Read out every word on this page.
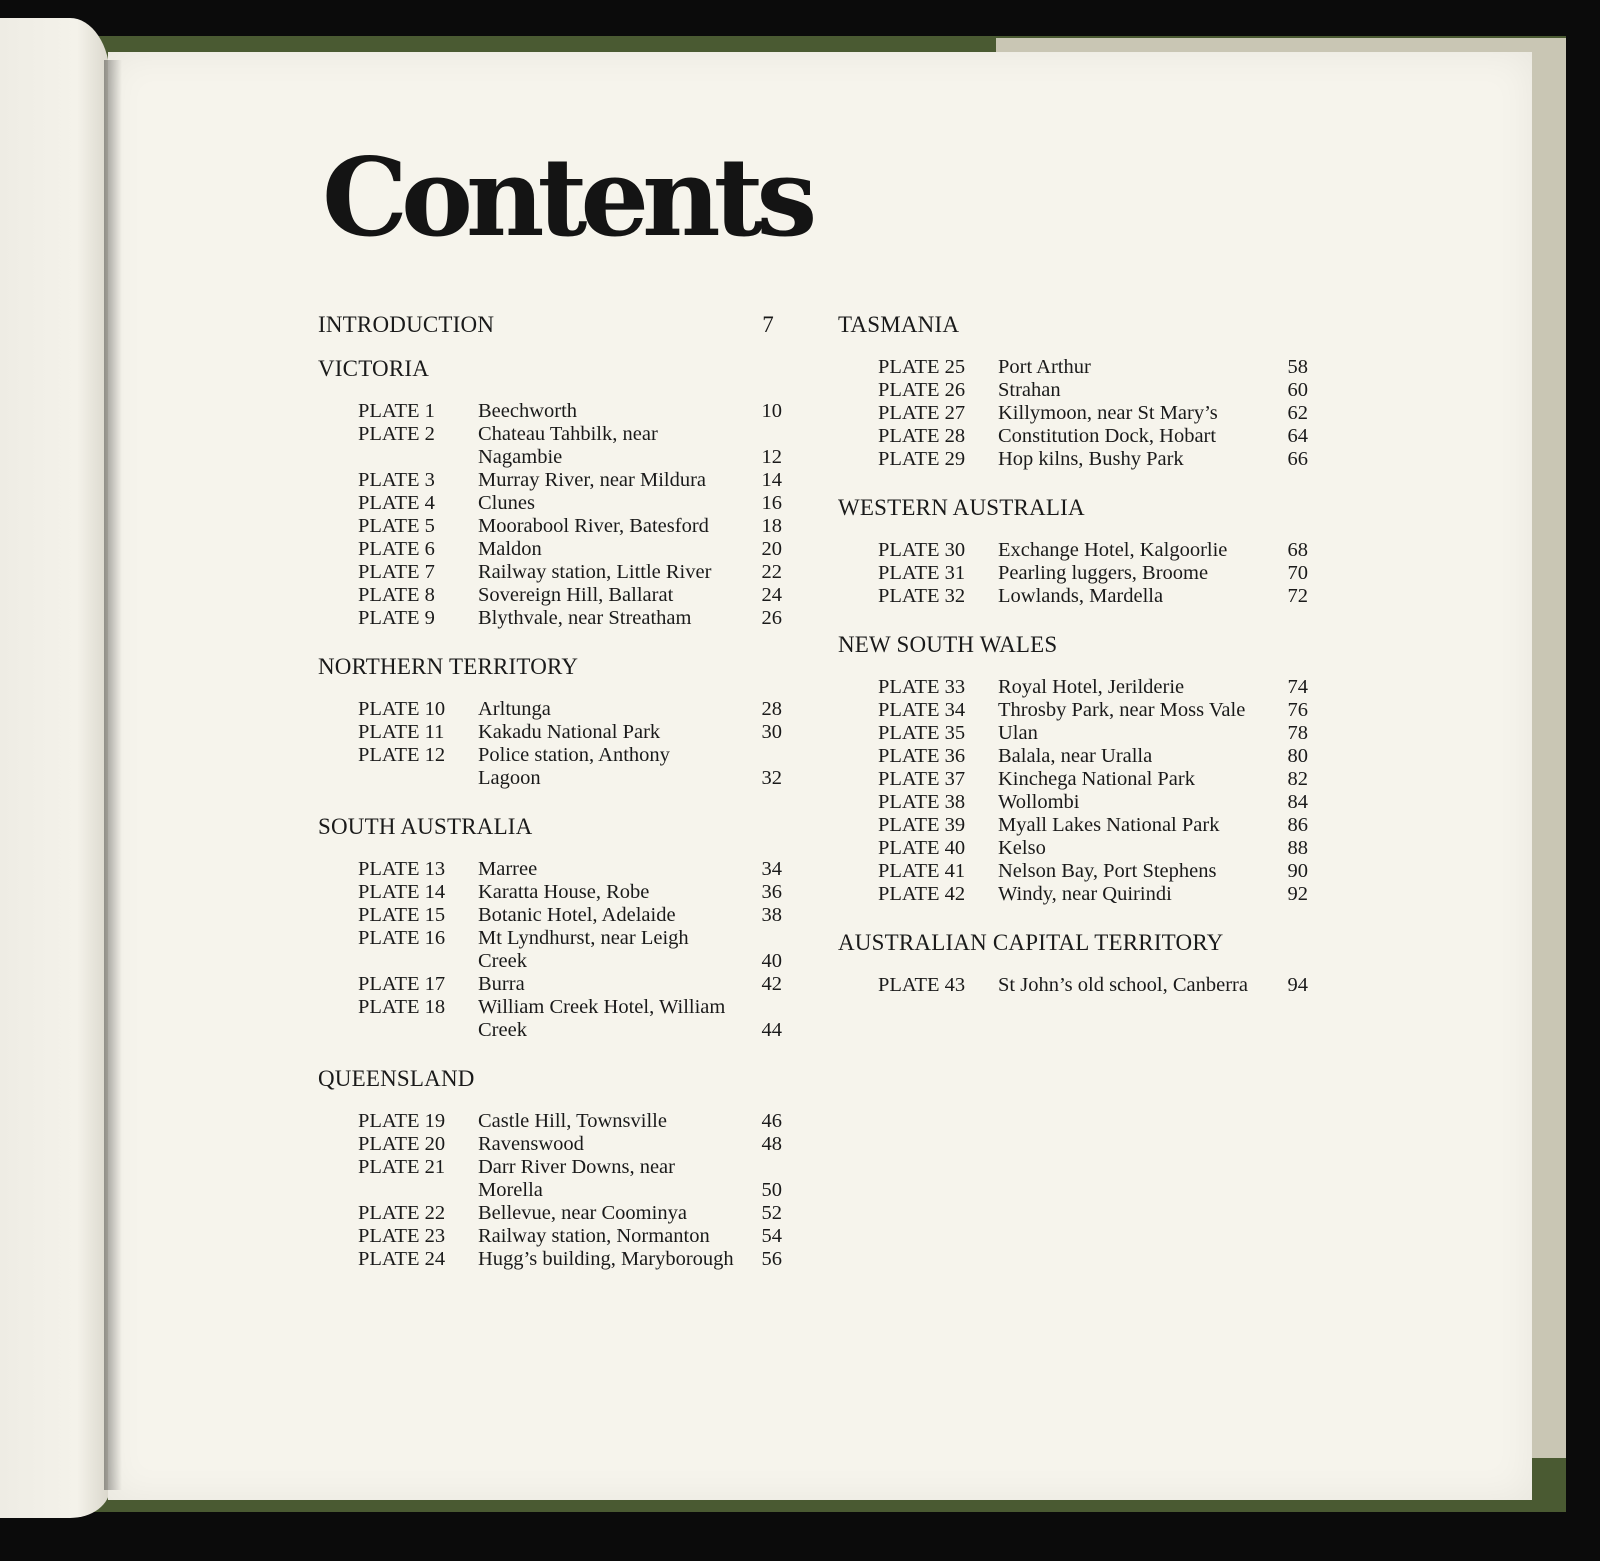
Contents
INTRODUCTION	7
VICTORIA
PLATE 1	Beechworth	10
PLATE 2	Chateau Tahbilk, near Nagambie	12
PLATE 3	Murray River, near Mildura	14
PLATE 4	Clunes	16
PLATE 5	Moorabool River, Batesford	18
PLATE 6	Maldon	20
PLATE 7	Railway station, Little River	22
PLATE 8	Sovereign Hill, Ballarat	24
PLATE 9	Blythvale, near Streatham	26
NORTHERN TERRITORY
PLATE 10	Arltunga	28
PLATE 11	Kakadu National Park	30
PLATE 12	Police station, Anthony Lagoon	32
SOUTH AUSTRALIA
PLATE 13	Marree	34
PLATE 14	Karatta House, Robe	36
PLATE 15	Botanic Hotel, Adelaide	38
PLATE 16	Mt Lyndhurst, near Leigh Creek	40
PLATE 17	Burra	42
PLATE 18	William Creek Hotel, William Creek	44
QUEENSLAND
PLATE 19	Castle Hill, Townsville	46
PLATE 20	Ravenswood	48
PLATE 21	Darr River Downs, near Morella	50
PLATE 22	Bellevue, near Coominya	52
PLATE 23	Railway station, Normanton	54
PLATE 24	Hugg’s building, Maryborough	56
TASMANIA
PLATE 25	Port Arthur	58
PLATE 26	Strahan	60
PLATE 27	Killymoon, near St Mary’s	62
PLATE 28	Constitution Dock, Hobart	64
PLATE 29	Hop kilns, Bushy Park	66
WESTERN AUSTRALIA
PLATE 30	Exchange Hotel, Kalgoorlie	68
PLATE 31	Pearling luggers, Broome	70
PLATE 32	Lowlands, Mardella	72
NEW SOUTH WALES
PLATE 33	Royal Hotel, Jerilderie	74
PLATE 34	Throsby Park, near Moss Vale	76
PLATE 35	Ulan	78
PLATE 36	Balala, near Uralla	80
PLATE 37	Kinchega National Park	82
PLATE 38	Wollombi	84
PLATE 39	Myall Lakes National Park	86
PLATE 40	Kelso	88
PLATE 41	Nelson Bay, Port Stephens	90
PLATE 42	Windy, near Quirindi	92
AUSTRALIAN CAPITAL TERRITORY
PLATE 43	St John’s old school, Canberra	94
